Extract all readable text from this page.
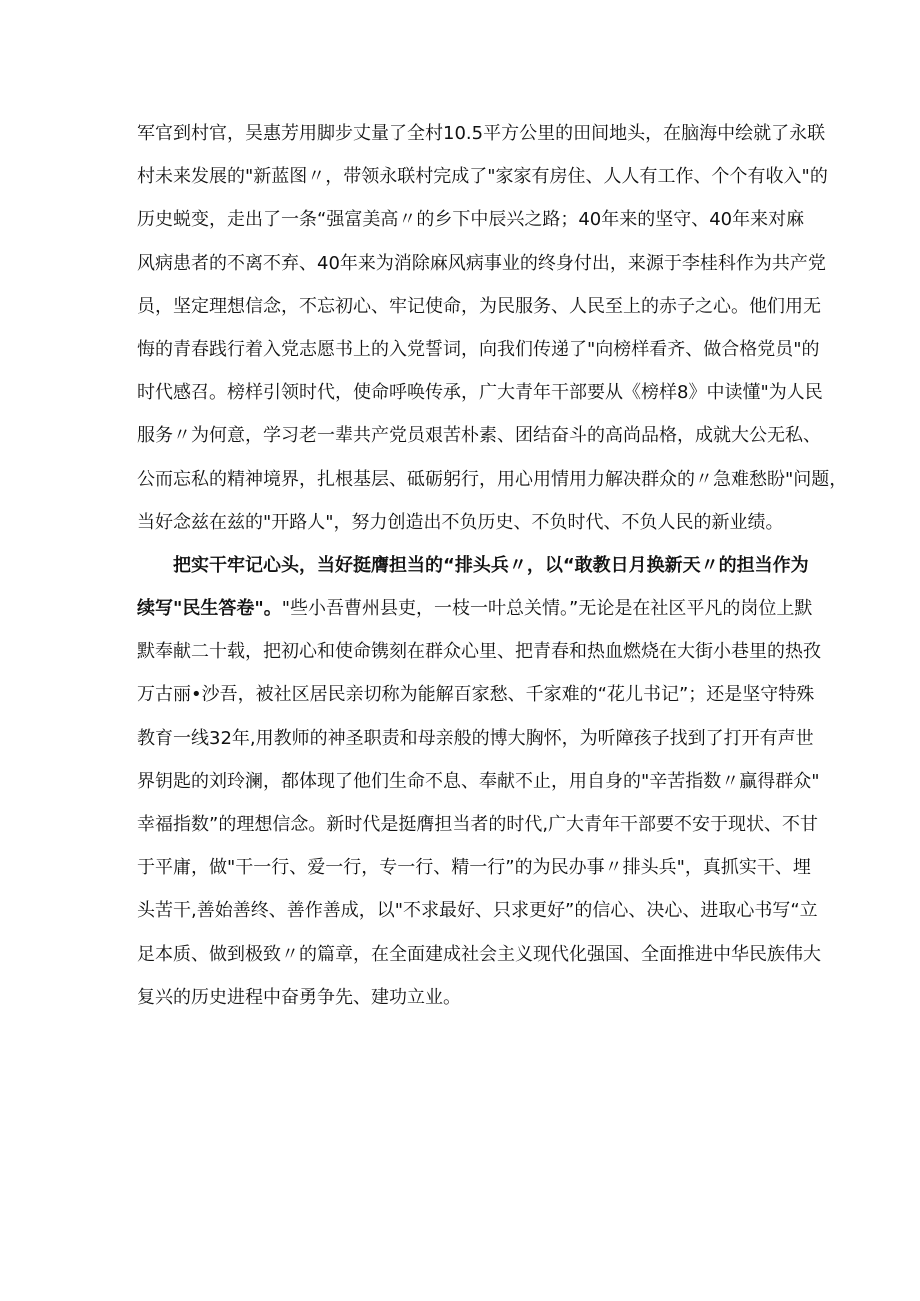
军官到村官，吴惠芳用脚步丈量了全村10.5平方公里的田间地头，在脑海中绘就了永联
村未来发展的"新蓝图〃，带领永联村完成了"家家有房住、人人有工作、个个有收入"的
历史蜕变，走出了一条“强富美高〃的乡下中辰兴之路；40年来的坚守、40年来对麻
风病患者的不离不弃、40年来为消除麻风病事业的终身付出，来源于李桂科作为共产党
员，坚定理想信念，不忘初心、牢记使命，为民服务、人民至上的赤子之心。他们用无
悔的青春践行着入党志愿书上的入党誓词，向我们传递了"向榜样看齐、做合格党员"的
时代感召。榜样引领时代，使命呼唤传承，广大青年干部要从《榜样8》中读懂"为人民
服务〃为何意，学习老一辈共产党员艰苦朴素、团结奋斗的高尚品格，成就大公无私、
公而忘私的精神境界，扎根基层、砥砺躬行，用心用情用力解决群众的〃急难愁盼"问题，
当好念兹在兹的"开路人"，努力创造出不负历史、不负时代、不负人民的新业绩。
把实干牢记心头，当好挺膺担当的“排头兵〃，以“敢教日月换新天〃的担当作为
续写"民生答卷"。"些小吾曹州县吏，一枝一叶总关情。”无论是在社区平凡的岗位上默
默奉献二十载，把初心和使命镌刻在群众心里、把青春和热血燃烧在大街小巷里的热孜
万古丽•沙吾，被社区居民亲切称为能解百家愁、千家难的“花儿书记”；还是坚守特殊
教育一线32年,用教师的神圣职责和母亲般的博大胸怀，为听障孩子找到了打开有声世
界钥匙的刘玲澜，都体现了他们生命不息、奉献不止，用自身的"辛苦指数〃赢得群众"
幸福指数”的理想信念。新时代是挺膺担当者的时代,广大青年干部要不安于现状、不甘
于平庸，做"干一行、爱一行，专一行、精一行”的为民办事〃排头兵"，真抓实干、埋
头苦干,善始善终、善作善成，以"不求最好、只求更好”的信心、决心、进取心书写“立
足本质、做到极致〃的篇章，在全面建成社会主义现代化强国、全面推进中华民族伟大
复兴的历史进程中奋勇争先、建功立业。
